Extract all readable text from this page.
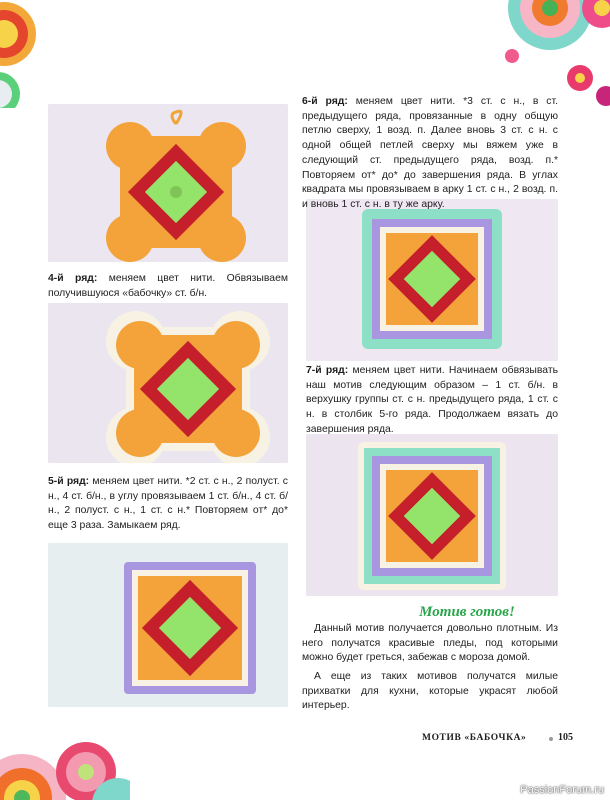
6-й ряд: меняем цвет нити. *3 ст. с н., в ст. предыдущего ряда, провязанные в одну общую петлю сверху, 1 возд. п. Далее вновь 3 ст. с н. с одной общей петлей сверху мы вяжем уже в следующий ст. предыдущего ряда, возд. п.* Повторяем от* до* до завершения ряда. В углах квадрата мы провязываем в арку 1 ст. с н., 2 возд. п. и вновь 1 ст. с н. в ту же арку.

4-й ряд: меняем цвет нити. Обвязываем получившуюся «бабочку» ст. б/н.

5-й ряд: меняем цвет нити. *2 ст. с н., 2 полуст. с н., 4 ст. б/н., в углу провязываем 1 ст. б/н., 4 ст. б/н., 2 полуст. с н., 1 ст. с н.* Повторяем от* до* еще 3 раза. Замыкаем ряд.

7-й ряд: меняем цвет нити. Начинаем обвязывать наш мотив следующим образом – 1 ст. б/н. в верхушку группы ст. с н. предыдущего ряда, 1 ст. с н. в столбик 5-го ряда. Продолжаем вязать до завершения ряда.

Мотив готов!

Данный мотив получается довольно плотным. Из него получатся красивые пледы, под которыми можно будет греться, забежав с мороза домой.

А еще из таких мотивов получатся милые прихватки для кухни, которые украсят любой интерьер.

МОТИВ «БАБОЧКА»	105
PassionForum.ru
